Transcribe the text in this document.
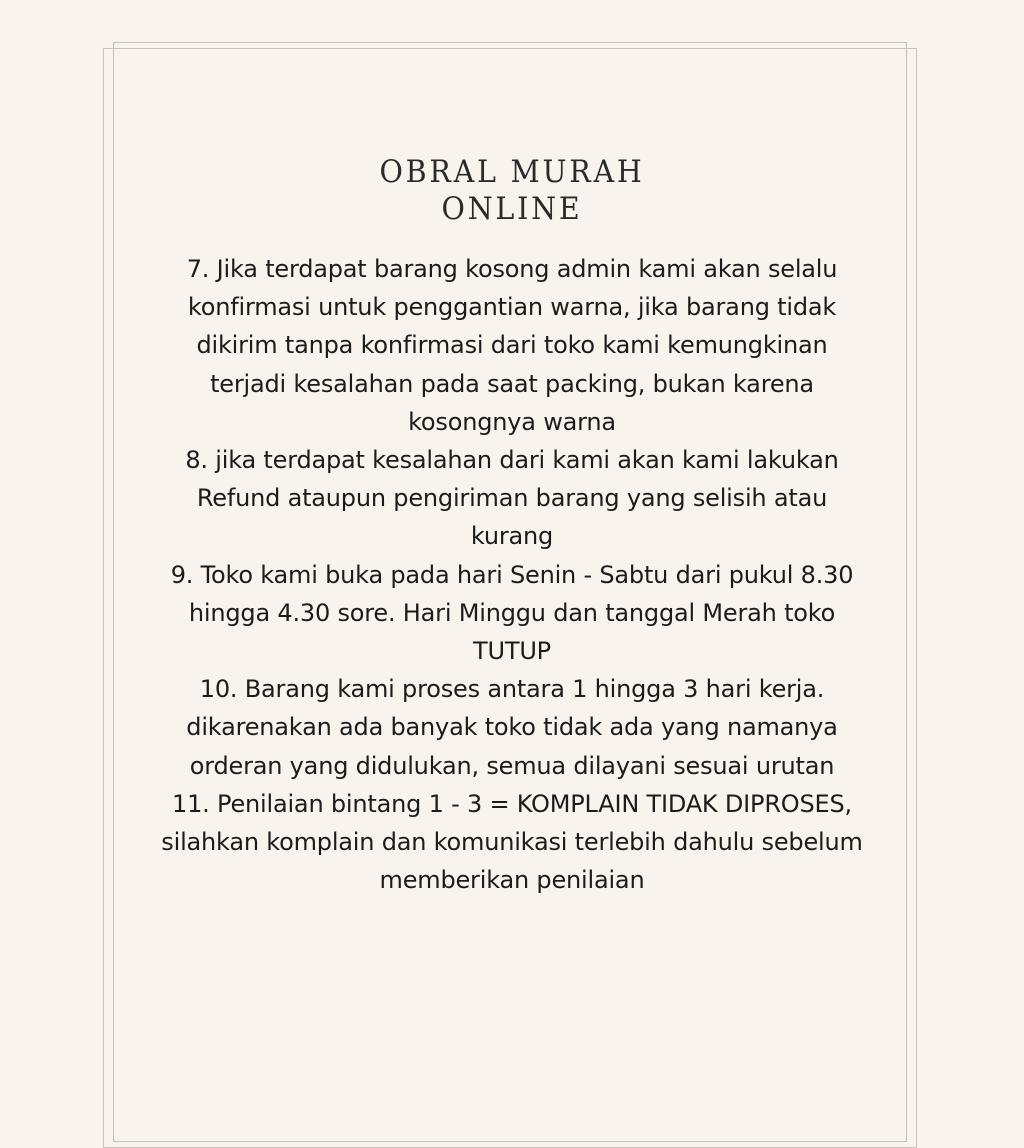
OBRAL MURAH
ONLINE
7. Jika terdapat barang kosong admin kami akan selalu
konfirmasi untuk penggantian warna, jika barang tidak
dikirim tanpa konfirmasi dari toko kami kemungkinan
terjadi kesalahan pada saat packing, bukan karena
kosongnya warna
8. jika terdapat kesalahan dari kami akan kami lakukan
Refund ataupun pengiriman barang yang selisih atau
kurang
9. Toko kami buka pada hari Senin - Sabtu dari pukul 8.30
hingga 4.30 sore. Hari Minggu dan tanggal Merah toko
TUTUP
10. Barang kami proses antara 1 hingga 3 hari kerja.
dikarenakan ada banyak toko tidak ada yang namanya
orderan yang didulukan, semua dilayani sesuai urutan
11. Penilaian bintang 1 - 3 = KOMPLAIN TIDAK DIPROSES,
silahkan komplain dan komunikasi terlebih dahulu sebelum
memberikan penilaian
